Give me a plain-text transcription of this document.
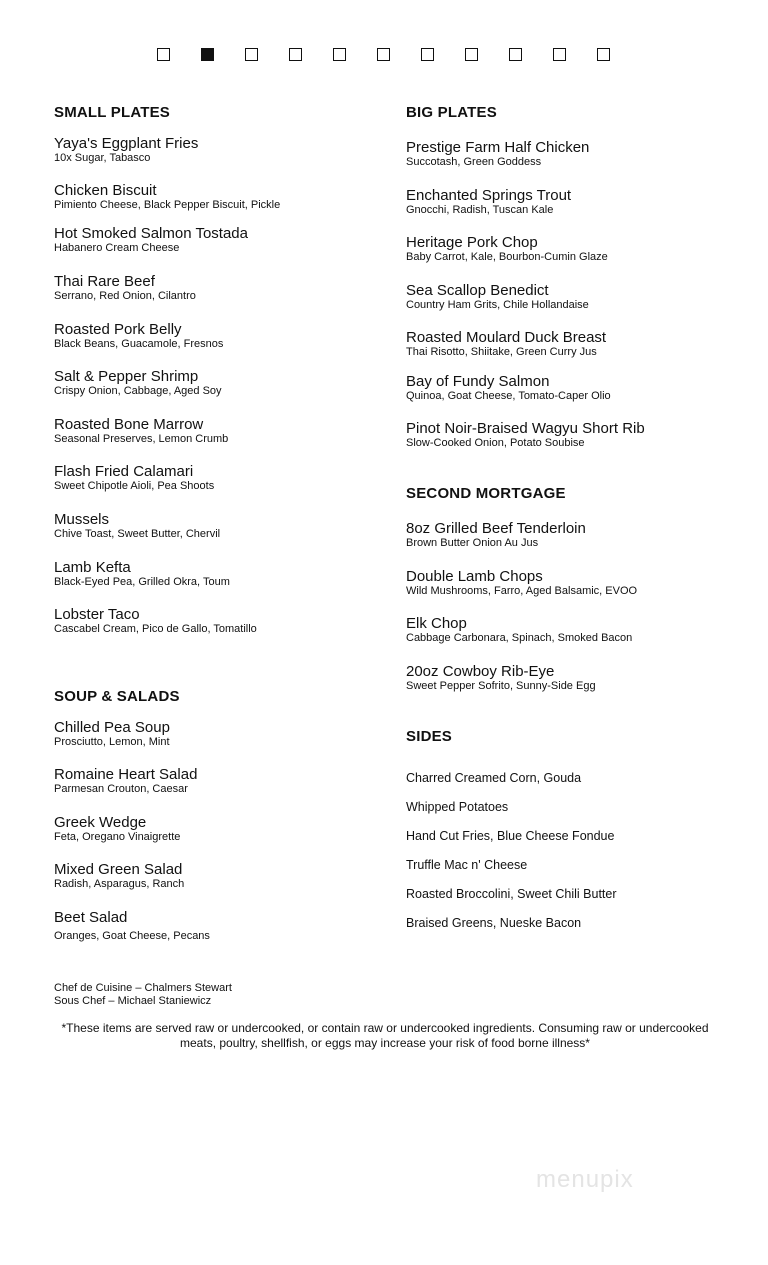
SMALL PLATES
Yaya's Eggplant Fries
10x Sugar, Tabasco
Chicken Biscuit
Pimiento Cheese, Black Pepper Biscuit, Pickle
Hot Smoked Salmon Tostada
Habanero Cream Cheese
Thai Rare Beef
Serrano, Red Onion, Cilantro
Roasted Pork Belly
Black Beans, Guacamole, Fresnos
Salt & Pepper Shrimp
Crispy Onion, Cabbage, Aged Soy
Roasted Bone Marrow
Seasonal Preserves, Lemon Crumb
Flash Fried Calamari
Sweet Chipotle Aioli, Pea Shoots
Mussels
Chive Toast, Sweet Butter, Chervil
Lamb Kefta
Black-Eyed Pea, Grilled Okra, Toum
Lobster Taco
Cascabel Cream, Pico de Gallo, Tomatillo
SOUP & SALADS
Chilled Pea Soup
Prosciutto, Lemon, Mint
Romaine Heart Salad
Parmesan Crouton, Caesar
Greek Wedge
Feta, Oregano Vinaigrette
Mixed Green Salad
Radish, Asparagus, Ranch
Beet Salad
Oranges, Goat Cheese, Pecans
BIG PLATES
Prestige Farm Half Chicken
Succotash, Green Goddess
Enchanted Springs Trout
Gnocchi, Radish, Tuscan Kale
Heritage Pork Chop
Baby Carrot, Kale, Bourbon-Cumin Glaze
Sea Scallop Benedict
Country Ham Grits, Chile Hollandaise
Roasted Moulard Duck Breast
Thai Risotto, Shiitake, Green Curry Jus
Bay of Fundy Salmon
Quinoa, Goat Cheese, Tomato-Caper Olio
Pinot Noir-Braised Wagyu Short Rib
Slow-Cooked Onion, Potato Soubise
SECOND MORTGAGE
8oz Grilled Beef Tenderloin
Brown Butter Onion Au Jus
Double Lamb Chops
Wild Mushrooms, Farro, Aged Balsamic, EVOO
Elk Chop
Cabbage Carbonara, Spinach, Smoked Bacon
20oz Cowboy Rib-Eye
Sweet Pepper Sofrito, Sunny-Side Egg
SIDES
Charred Creamed Corn, Gouda
Whipped Potatoes
Hand Cut Fries, Blue Cheese Fondue
Truffle Mac n' Cheese
Roasted Broccolini, Sweet Chili Butter
Braised Greens, Nueske Bacon
Chef de Cuisine – Chalmers Stewart
Sous Chef – Michael Staniewicz
*These items are served raw or undercooked, or contain raw or undercooked ingredients. Consuming raw or undercooked meats, poultry, shellfish, or eggs may increase your risk of food borne illness*
menupix
